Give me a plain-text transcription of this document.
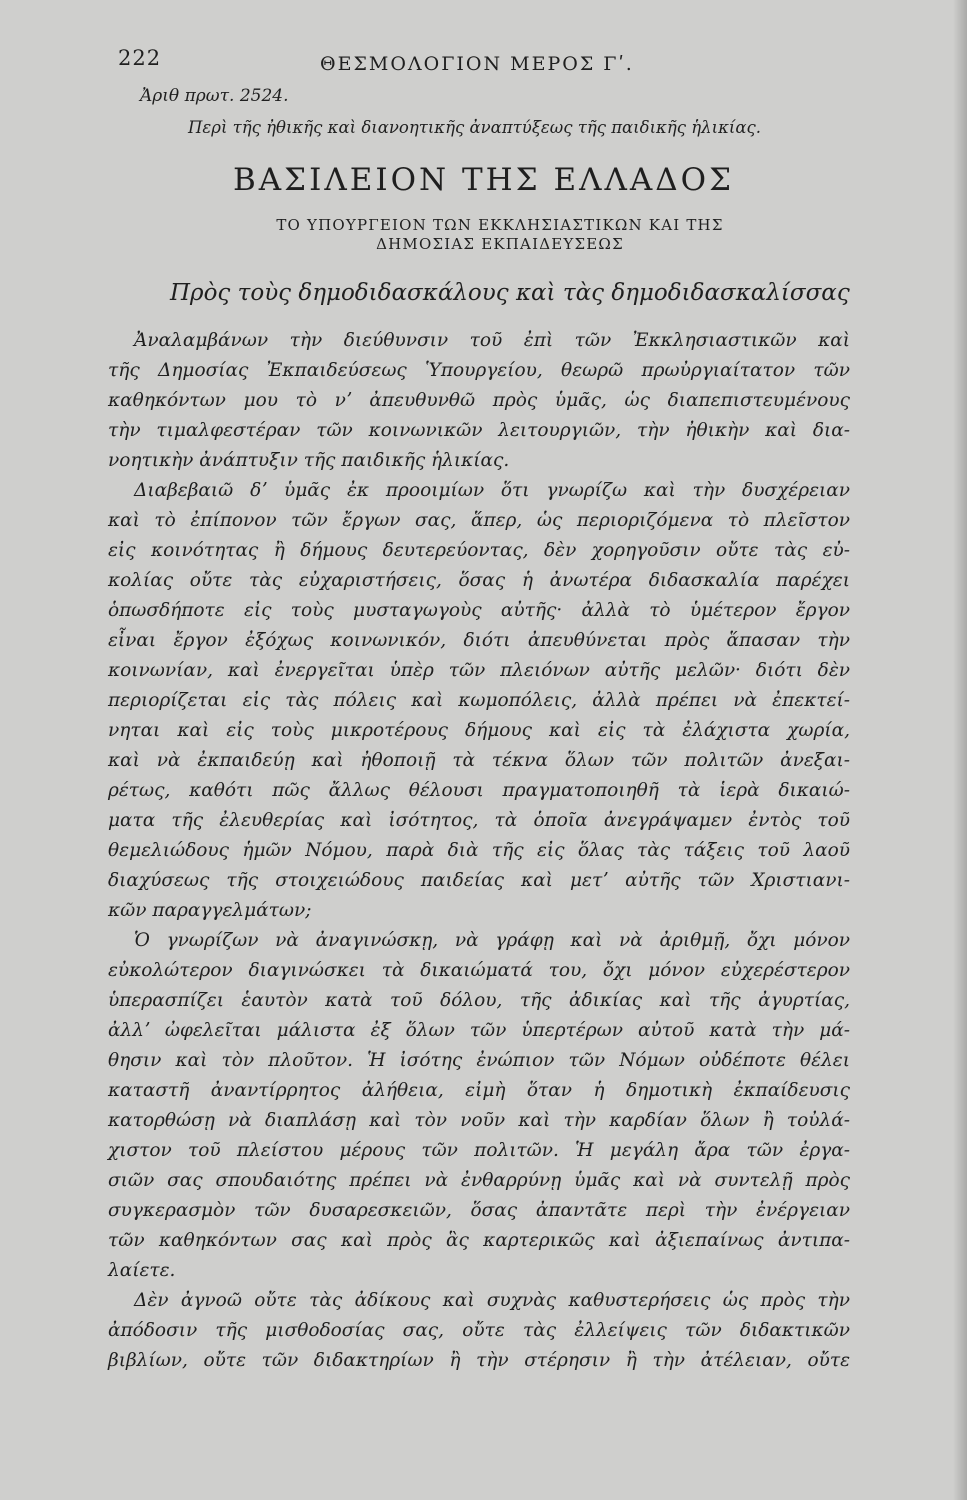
222	ΘΕΣΜΟΛΟΓΙΟΝ ΜΕΡΟΣ Γʹ.
Ἀριθ πρωτ. 2524.
Περὶ τῆς ἠθικῆς καὶ διανοητικῆς ἀναπτύξεως τῆς παιδικῆς ἡλικίας.
ΒΑΣΙΛΕΙΟΝ ΤΗΣ ΕΛΛΑΔΟΣ
ΤΟ ΥΠΟΥΡΓΕΙΟΝ ΤΩΝ ΕΚΚΛΗΣΙΑΣΤΙΚΩΝ ΚΑΙ ΤΗΣ
ΔΗΜΟΣΙΑΣ ΕΚΠΑΙΔΕΥΣΕΩΣ
Πρὸς τοὺς δημοδιδασκάλους καὶ τὰς δημοδιδασκαλίσσας
Ἀναλαμβάνων τὴν διεύθυνσιν τοῦ ἐπὶ τῶν Ἐκκλησιαστικῶν καὶ
τῆς Δημοσίας Ἐκπαιδεύσεως Ὑπουργείου, θεωρῶ πρωὐργιαίτατον τῶν
καθηκόντων μου τὸ νʼ ἀπευθυνθῶ πρὸς ὑμᾶς, ὡς διαπεπιστευμένους
τὴν τιμαλφεστέραν τῶν κοινωνικῶν λειτουργιῶν, τὴν ἠθικὴν καὶ δια-
νοητικὴν ἀνάπτυξιν τῆς παιδικῆς ἡλικίας.
Διαβεβαιῶ δʼ ὑμᾶς ἐκ προοιμίων ὅτι γνωρίζω καὶ τὴν δυσχέρειαν
καὶ τὸ ἐπίπονον τῶν ἔργων σας, ἅπερ, ὡς περιοριζόμενα τὸ πλεῖστον
εἰς κοινότητας ἢ δήμους δευτερεύοντας, δὲν χορηγοῦσιν οὔτε τὰς εὐ-
κολίας οὔτε τὰς εὐχαριστήσεις, ὅσας ἡ ἀνωτέρα διδασκαλία παρέχει
ὁπωσδήποτε εἰς τοὺς μυσταγωγοὺς αὐτῆς· ἀλλὰ τὸ ὑμέτερον ἔργον
εἶναι ἔργον ἐξόχως κοινωνικόν, διότι ἀπευθύνεται πρὸς ἅπασαν τὴν
κοινωνίαν, καὶ ἐνεργεῖται ὑπὲρ τῶν πλειόνων αὐτῆς μελῶν· διότι δὲν
περιορίζεται εἰς τὰς πόλεις καὶ κωμοπόλεις, ἀλλὰ πρέπει νὰ ἐπεκτεί-
νηται καὶ εἰς τοὺς μικροτέρους δήμους καὶ εἰς τὰ ἐλάχιστα χωρία,
καὶ νὰ ἐκπαιδεύῃ καὶ ἠθοποιῇ τὰ τέκνα ὅλων τῶν πολιτῶν ἀνεξαι-
ρέτως, καθότι πῶς ἄλλως θέλουσι πραγματοποιηθῆ τὰ ἱερὰ δικαιώ-
ματα τῆς ἐλευθερίας καὶ ἰσότητος, τὰ ὁποῖα ἀνεγράψαμεν ἐντὸς τοῦ
θεμελιώδους ἡμῶν Νόμου, παρὰ διὰ τῆς εἰς ὅλας τὰς τάξεις τοῦ λαοῦ
διαχύσεως τῆς στοιχειώδους παιδείας καὶ μετʼ αὐτῆς τῶν Χριστιανι-
κῶν παραγγελμάτων;
Ὁ γνωρίζων νὰ ἀναγινώσκῃ, νὰ γράφῃ καὶ νὰ ἀριθμῇ, ὄχι μόνον
εὐκολώτερον διαγινώσκει τὰ δικαιώματά του, ὄχι μόνον εὐχερέστερον
ὑπερασπίζει ἑαυτὸν κατὰ τοῦ δόλου, τῆς ἀδικίας καὶ τῆς ἀγυρτίας,
ἀλλʼ ὠφελεῖται μάλιστα ἐξ ὅλων τῶν ὑπερτέρων αὐτοῦ κατὰ τὴν μά-
θησιν καὶ τὸν πλοῦτον. Ἡ ἰσότης ἐνώπιον τῶν Νόμων οὐδέποτε θέλει
καταστῆ ἀναντίρρητος ἀλήθεια, εἰμὴ ὅταν ἡ δημοτικὴ ἐκπαίδευσις
κατορθώσῃ νὰ διαπλάσῃ καὶ τὸν νοῦν καὶ τὴν καρδίαν ὅλων ἢ τοὐλά-
χιστον τοῦ πλείστου μέρους τῶν πολιτῶν. Ἡ μεγάλη ἄρα τῶν ἐργα-
σιῶν σας σπουδαιότης πρέπει νὰ ἐνθαρρύνῃ ὑμᾶς καὶ νὰ συντελῇ πρὸς
συγκερασμὸν τῶν δυσαρεσκειῶν, ὅσας ἀπαντᾶτε περὶ τὴν ἐνέργειαν
τῶν καθηκόντων σας καὶ πρὸς ἃς καρτερικῶς καὶ ἀξιεπαίνως ἀντιπα-
λαίετε.
Δὲν ἀγνοῶ οὔτε τὰς ἀδίκους καὶ συχνὰς καθυστερήσεις ὡς πρὸς τὴν
ἀπόδοσιν τῆς μισθοδοσίας σας, οὔτε τὰς ἐλλείψεις τῶν διδακτικῶν
βιβλίων, οὔτε τῶν διδακτηρίων ἢ τὴν στέρησιν ἢ τὴν ἀτέλειαν, οὔτε
